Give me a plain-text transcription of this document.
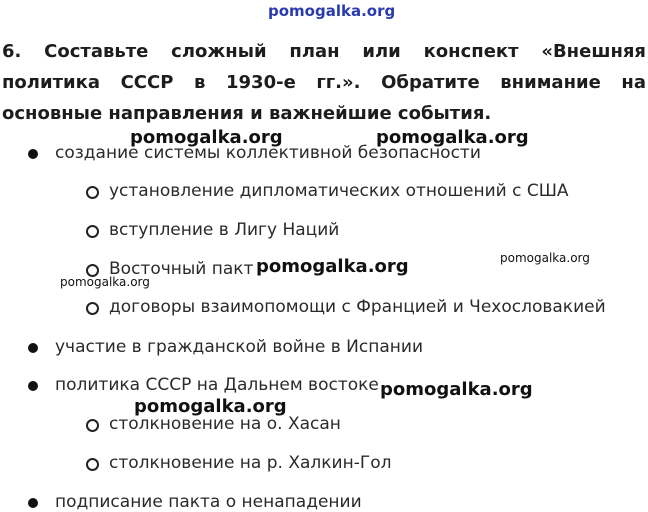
pomogalka.org
6. Составьте сложный план или конспект «Внешняя политика СССР в 1930-е гг.». Обратите внимание на основные направления и важнейшие события.
создание системы коллективной безопасности
установление дипломатических отношений с США
вступление в Лигу Наций
Восточный пакт
договоры взаимопомощи с Францией и Чехословакией
участие в гражданской войне в Испании
политика СССР на Дальнем востоке
столкновение на о. Хасан
столкновение на р. Халкин-Гол
подписание пакта о ненападении
pomogalka.org	pomogalka.org
pomogalka.org	pomogalka.org
pomogalka.org
pomogalka.org
pomogalka.org
